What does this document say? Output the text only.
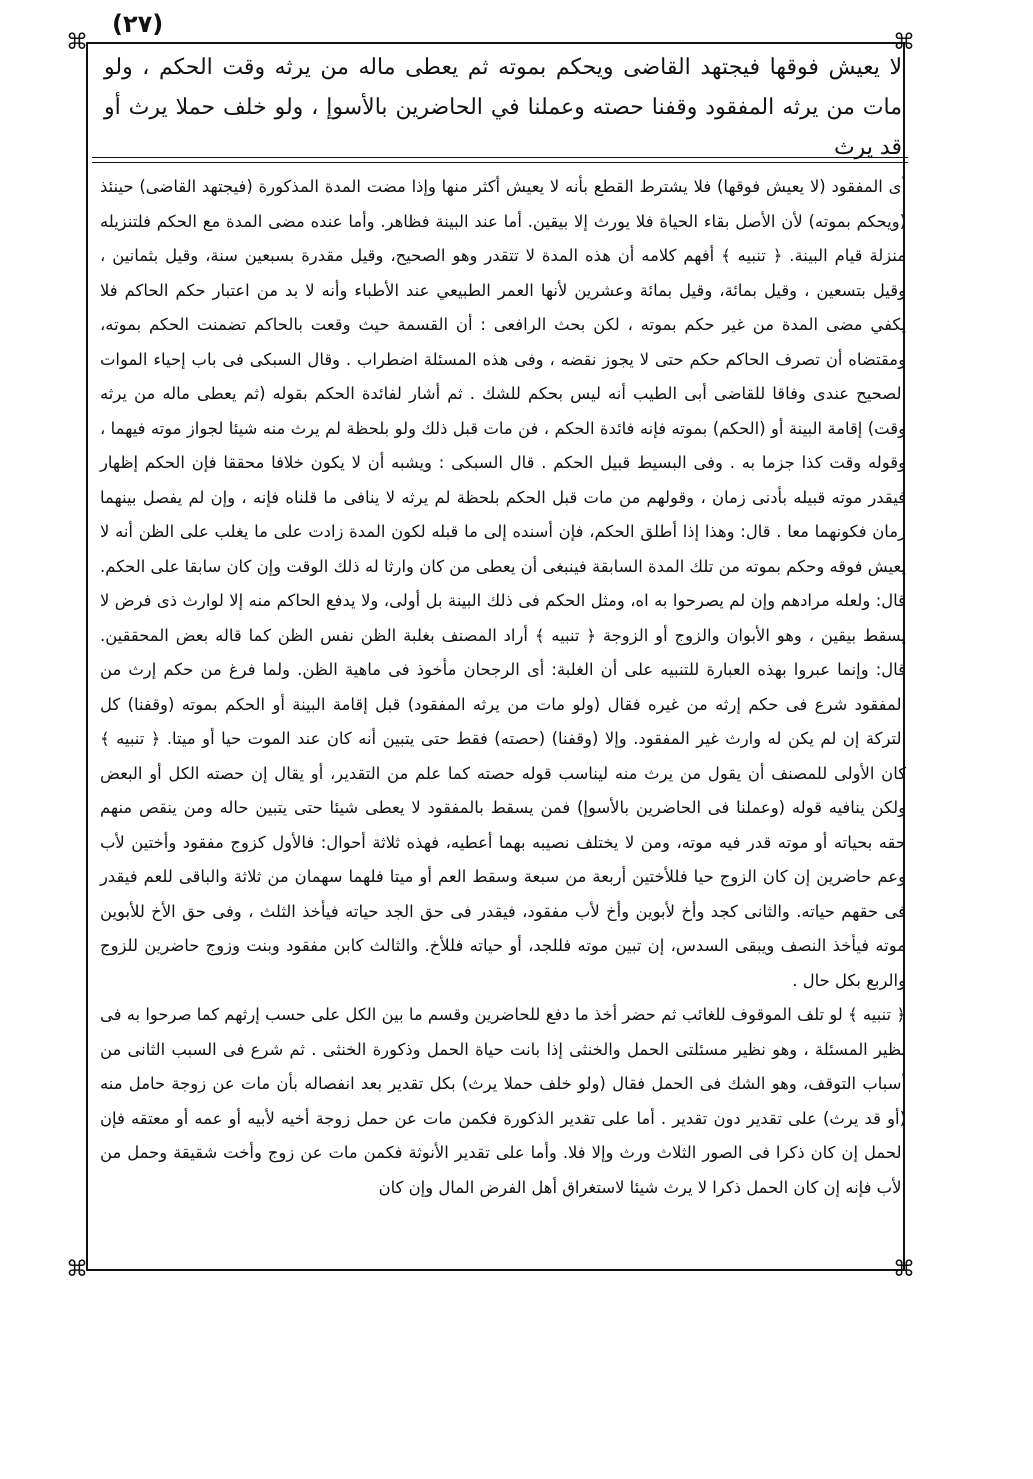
(٢٧)
⌘	⌘
⌘	⌘
لا يعيش فوقها فيجتهد القاضى ويحكم بموته ثم يعطى ماله من يرثه وقت الحكم ، ولو مات من يرثه المفقود وقفنا حصته وعملنا في الحاضرين بالأسوإ ، ولو خلف حملا يرث أو قد يرث

أى المفقود (لا يعيش فوقها) فلا يشترط القطع بأنه لا يعيش أكثر منها وإذا مضت المدة المذكورة (فيجتهد القاضى) حينئذ (ويحكم بموته) لأن الأصل بقاء الحياة فلا يورث إلا بيقين. أما عند البينة فظاهر. وأما عنده مضى المدة مع الحكم فلتنزيله منزلة قيام البينة. ﴿ تنبيه ﴾ أفهم كلامه أن هذه المدة لا تتقدر وهو الصحيح، وقيل مقدرة بسبعين سنة، وقيل بثمانين ، وقيل بتسعين ، وقيل بمائة، وقيل بمائة وعشرين لأنها العمر الطبيعي عند الأطباء وأنه لا بد من اعتبار حكم الحاكم فلا يكفي مضى المدة من غير حكم بموته ، لكن بحث الرافعى : أن القسمة حيث وقعت بالحاكم تضمنت الحكم بموته، ومقتضاه أن تصرف الحاكم حكم حتى لا يجوز نقضه ، وفى هذه المسئلة اضطراب . وقال السبكى فى باب إحياء الموات الصحيح عندى وفاقا للقاضى أبى الطيب أنه ليس بحكم للشك . ثم أشار لفائدة الحكم بقوله (ثم يعطى ماله من يرثه وقت) إقامة البينة أو (الحكم) بموته فإنه فائدة الحكم ، فن مات قبل ذلك ولو بلحظة لم يرث منه شيئا لجواز موته فيهما ، وقوله وقت كذا جزما به . وفى البسيط قبيل الحكم . قال السبكى : ويشبه أن لا يكون خلافا محققا فإن الحكم إظهار فيقدر موته قبيله بأدنى زمان ، وقولهم من مات قبل الحكم بلحظة لم يرثه لا ينافى ما قلناه فإنه ، وإن لم يفصل بينهما زمان فكونهما معا . قال: وهذا إذا أطلق الحكم، فإن أسنده إلى ما قبله لكون المدة زادت على ما يغلب على الظن أنه لا يعيش فوقه وحكم بموته من تلك المدة السابقة فينبغى أن يعطى من كان وارثا له ذلك الوقت وإن كان سابقا على الحكم. قال: ولعله مرادهم وإن لم يصرحوا به اه، ومثل الحكم فى ذلك البينة بل أولى، ولا يدفع الحاكم منه إلا لوارث ذى فرض لا يسقط بيقين ، وهو الأبوان والزوج أو الزوجة ﴿ تنبيه ﴾ أراد المصنف بغلبة الظن نفس الظن كما قاله بعض المحققين. قال: وإنما عبروا بهذه العبارة للتنبيه على أن الغلبة: أى الرجحان مأخوذ فى ماهية الظن. ولما فرغ من حكم إرث من المفقود شرع فى حكم إرثه من غيره فقال (ولو مات من يرثه المفقود) قبل إقامة البينة أو الحكم بموته (وقفنا) كل التركة إن لم يكن له وارث غير المفقود. وإلا (وقفنا) (حصته) فقط حتى يتبين أنه كان عند الموت حيا أو ميتا. ﴿ تنبيه ﴾ كان الأولى للمصنف أن يقول من يرث منه ليناسب قوله حصته كما علم من التقدير، أو يقال إن حصته الكل أو البعض ولكن ينافيه قوله (وعملنا فى الحاضرين بالأسوإ) فمن يسقط بالمفقود لا يعطى شيئا حتى يتبين حاله ومن ينقص منهم حقه بحياته أو موته قدر فيه موته، ومن لا يختلف نصيبه بهما أعطيه، فهذه ثلاثة أحوال: فالأول كزوج مفقود وأختين لأب وعم حاضرين إن كان الزوج حيا فللأختين أربعة من سبعة وسقط العم أو ميتا فلهما سهمان من ثلاثة والباقى للعم فيقدر فى حقهم حياته. والثانى كجد وأخ لأبوين وأخ لأب مفقود، فيقدر فى حق الجد حياته فيأخذ الثلث ، وفى حق الأخ للأبوين موته فيأخذ النصف ويبقى السدس، إن تبين موته فللجد، أو حياته فللأخ. والثالث كابن مفقود وبنت وزوج حاضرين للزوج والربع بكل حال .

﴿ تنبيه ﴾ لو تلف الموقوف للغائب ثم حضر أخذ ما دفع للحاضرين وقسم ما بين الكل على حسب إرثهم كما صرحوا به فى نظير المسئلة ، وهو نظير مسئلتى الحمل والخنثى إذا بانت حياة الحمل وذكورة الخنثى . ثم شرع فى السبب الثانى من أسباب التوقف، وهو الشك فى الحمل فقال (ولو خلف حملا يرث) بكل تقدير بعد انفصاله بأن مات عن زوجة حامل منه (أو قد يرث) على تقدير دون تقدير . أما على تقدير الذكورة فكمن مات عن حمل زوجة أخيه لأبيه أو عمه أو معتقه فإن الحمل إن كان ذكرا فى الصور الثلاث ورث وإلا فلا. وأما على تقدير الأنوثة فكمن مات عن زوج وأخت شقيقة وحمل من الأب فإنه إن كان الحمل ذكرا لا يرث شيئا لاستغراق أهل الفرض المال وإن كان
